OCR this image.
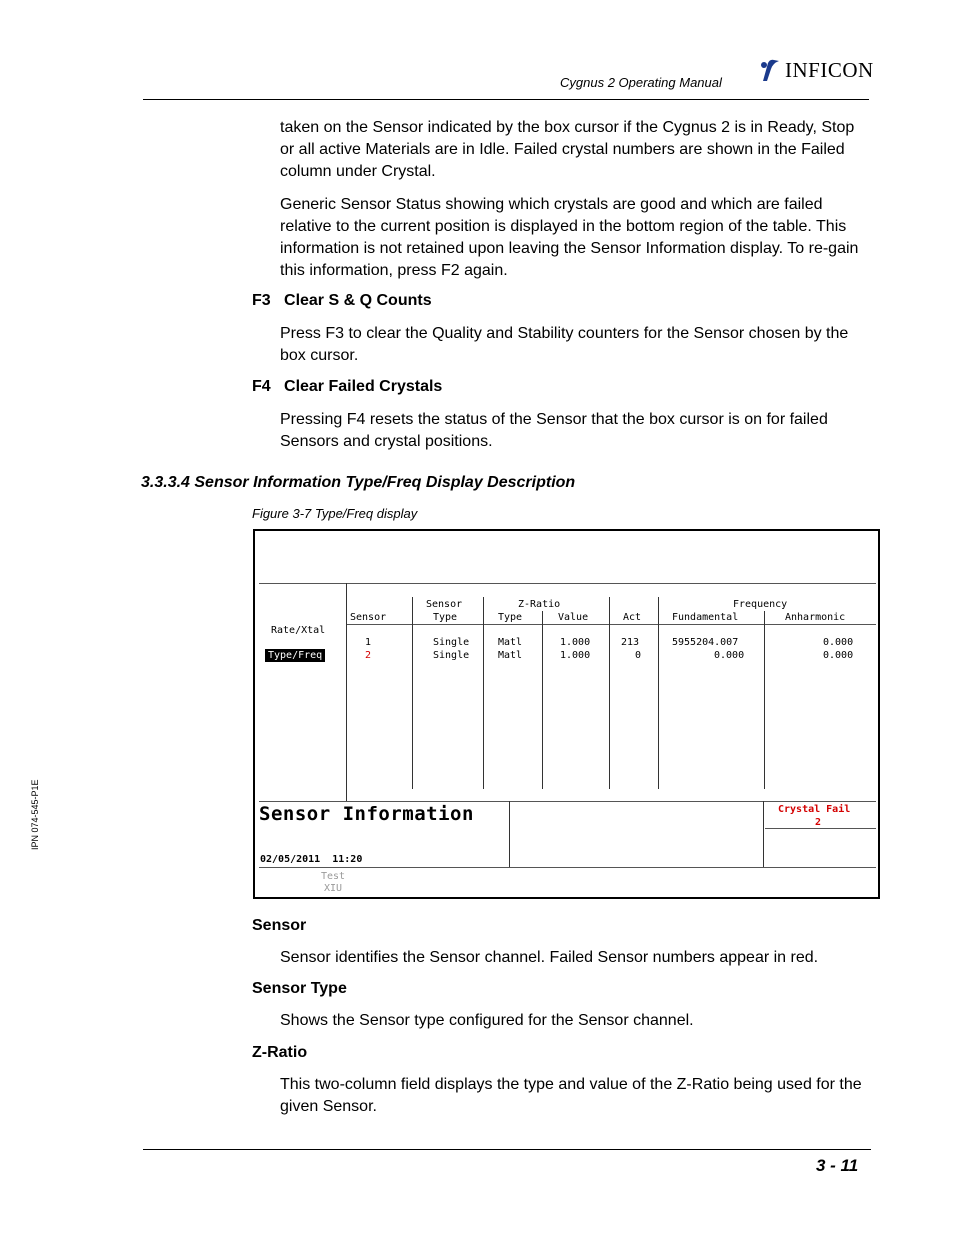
Cygnus 2 Operating Manual
INFICON
IPN 074-545-P1E
taken on the Sensor indicated by the box cursor if the Cygnus 2 is in Ready, Stop or all active Materials are in Idle. Failed crystal numbers are shown in the Failed column under Crystal.
Generic Sensor Status showing which crystals are good and which are failed relative to the current position is displayed in the bottom region of the table. This information is not retained upon leaving the Sensor Information display. To re-gain this information, press F2 again.
F3   Clear S & Q Counts
Press F3 to clear the Quality and Stability counters for the Sensor chosen by the box cursor.
F4   Clear Failed Crystals
Pressing F4 resets the status of the Sensor that the box cursor is on for failed Sensors and crystal positions.
3.3.3.4 Sensor Information Type/Freq Display Description
Figure 3-7 Type/Freq display
Rate/Xtal
Type/Freq
Sensor	Z-Ratio	Frequency
Sensor	Type	Type	Value	Act	Fundamental	Anharmonic
1	Single	Matl	1.000	213	5955204.007	0.000
2	Single	Matl	1.000	0	0.000	0.000
Sensor Information
02/05/2011  11:20
Crystal Fail
2
Test
XIU
Sensor
Sensor identifies the Sensor channel. Failed Sensor numbers appear in red.
Sensor Type
Shows the Sensor type configured for the Sensor channel.
Z-Ratio
This two-column field displays the type and value of the Z-Ratio being used for the given Sensor.
3 - 11
